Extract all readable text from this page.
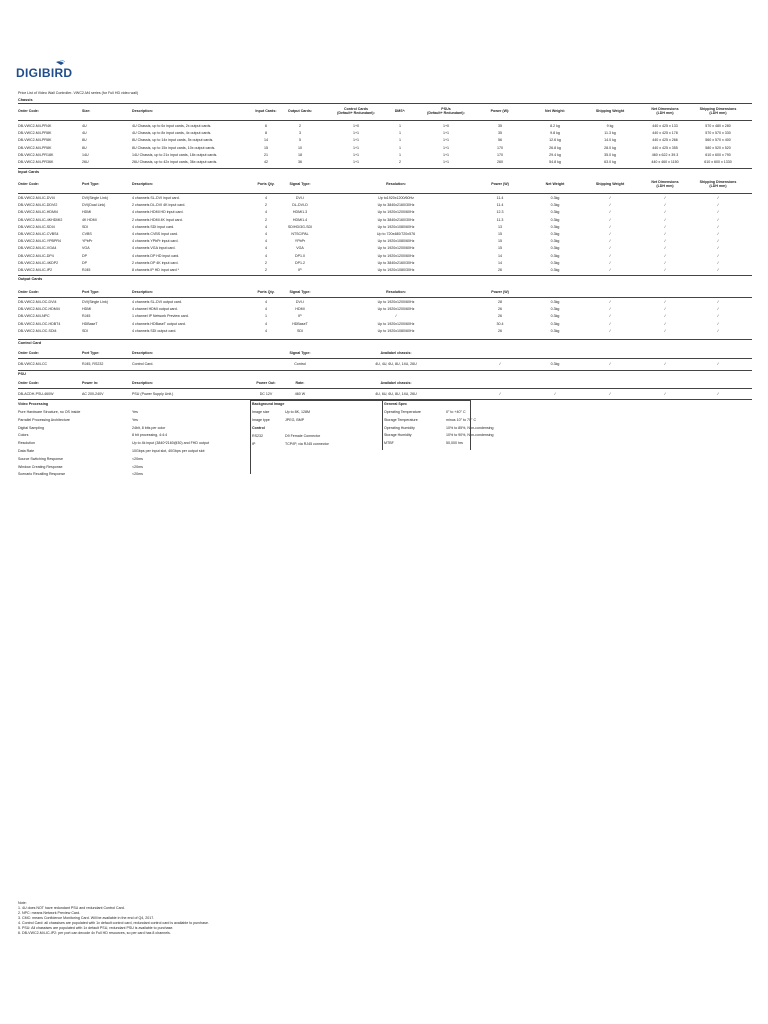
DIGIBIRD
Price List of Video Wall Controller- VWC2-M4 series (for Full HD video wall)
Chassis
Order Code:	Size:	Description:	Input Cards:	Output Cards:	Control Cards
(Default+ Redundant):
DMS*:	PSUs
(Default+ Redundant):
Power (W):	Net Weight:	Shipping Weight	Net Dimensions
(LDH mm)
Shipping Dimensions
(LDH mm)
DB-VWC2-M4-PR4K	4U	4U Chassis, up to 6x input cards, 2x output cards.	6	2	1+0	1	1+0	35	8.2 kg	9 kg	440 x 425 x 133	570 x 480 x 280
DB-VWC2-M4-PR8K	4U	4U Chassis, up to 8x input cards, 4x output cards.	8	3	1+1	1	1+1	35	9.8 kg	11.3 kg	440 x 425 x 178	570 x 570 x 330
DB-VWC2-M4-PR8K	8U	8U Chassis, up to 14x input cards, 5x output cards.	14	5	1+1	1	1+1	56	12.6 kg	14.0 kg	440 x 425 x 266	560 x 570 x 400
DB-VWC2-M4-PR8K	8U	8U Chassis, up to 15x input cards, 10x output cards.	15	10	1+1	1	1+1	170	26.8 kg	28.0 kg	440 x 425 x 355	580 x 520 x 520
DB-VWC2-M4-PR18K	14U	14U Chassis, up to 21x input cards, 18x output cards.	21	18	1+1	1	1+1	170	29.4 kg	35.0 kg	460 x 622 x 39.3	610 x 600 x 790
DB-VWC2-M4-PR36K	26U	26U Chassis, up to 42x input cards, 36x output cards.	42	36	1+1	2	1+1	260	54.8 kg	63.0 kg	440 x 460 x 1150	610 x 600 x 1330
Input Cards
Order Code:	Port Type:	Description:	Ports Qty.	Signal Type:	Resolution:	Power (W)	Net Weight	Shipping Weight	Net Dimensions
(LDH mm)
Shipping Dimensions
(LDH mm)
DB-VWC2-M4-IC-DVI4	DVI(Single Link)	4 channels SL-DVI input card.	4	DVI-I	Up to1920x1200/60Hz	11.4	0.3kg	/	/	/
DB-VWC2-M4-IC-DDVI2	DVI(Dual Link)	2 channels DL-DVI 4K input card.	2	DL-DVI-D	Up to 3840x2160/30Hz	11.4	0.3kg	/	/	/
DB-VWC2-M4-IC-HDMI4	HDMI	4 channels HDMI HD input card.	4	HDMI1.3	Up to 1920x1200/60Hz	12.3	0.3kg	/	/	/
DB-VWC2-M4-IC-4KHDMI2	4K HDMI	2 channels HDMI 4K input card.	2	HDMI1.4	Up to 3840x2160/30Hz	11.3	0.3kg	/	/	/
DB-VWC2-M4-IC-SDI4	SDI	4 channels SDI input card.	4	SD/HD/3G-SDI	Up to 1920x1080/60Hz	13	0.3kg	/	/	/
DB-VWC2-M4-IC-CVBS4	CVBS	4 channels CVBS input card.	4	NTSC/PAL	Up to 720x480/720x576	15	0.3kg	/	/	/
DB-VWC2-M4-IC-YPBPR4	YPbPr	4 channels YPbPr input card.	4	YPbPr	Up to 1920x1080/60Hz	15	0.3kg	/	/	/
DB-VWC2-M4-IC-VGA4	VGA	4 channels VGA input card.	4	VGA	Up to 1920x1200/60Hz	15	0.3kg	/	/	/
DB-VWC2-M4-IC-DP4	DP	4 channels DP HD input card.	4	DP1.0	Up to 1920x1200/60Hz	14	0.3kg	/	/	/
DB-VWC2-M4-IC-4KDP2	DP	2 channels DP 4K input card.	2	DP1.2	Up to 3840x2160/30Hz	14	0.3kg	/	/	/
DB-VWC2-M4-IC-IP2	RJ45	8 channels IP HD input card *	2	IP	Up to 1920x1080/30Hz	26	0.3kg	/	/	/
Output Cards
Order Code:	Port Type:	Description:	Ports Qty.	Signal Type:	Resolution:	Power (W)
DB-VWC2-M4-OC-DVI4	DVI(Single Link)	4 channels SL-DVI output card.	4	DVI-I	Up to 1920x1200/60Hz	28	0.3kg	/	/	/
DB-VWC2-M4-OC-HDMI4	HDMI	4 channel HDMI output card.	4	HDMI	Up to 1920x1200/60Hz	26	0.3kg	/	/	/
DB-VWC2-M4-NPC	RJ45	1 channel IP Network Preview card.	1	IP	/	26	0.3kg	/	/	/
DB-VWC2-M4-OC-HDBT4	HDBaseT	4 channels HDBaseT output card.	4	HDBaseT	Up to 1920x1200/60Hz	30.4	0.3kg	/	/	/
DB-VWC2-M4-OC-SDI4	SDI	4 channels SDI output card.	4	SDI	Up to 1920x1080/60Hz	26	0.3kg	/	/	/
Control Card
Order Code:	Port Type:	Description:	Signal Type:	Availabel chassis:
DB-VWC2-M4-CC	RJ45, RS232	Control Card.	Control	4U, 4U, 6U, 8U, 14U, 26U	/	0.3kg	/	/	/
PSU
Order Code:	Power In:	Description:	Power Out:	Rate:	Availabel chassis:
DB-ACDH-PSU-460W	AC 200-240V	PSU (Power Supply Unit.)	DC 12V	460 W	4U, 6U, 6U, 8U, 14U, 26U	/	/	/	/	/
Video Processing
Pure Hardware Structure, no OS inside	Yes
Parrallel Processing Architecture	Yes
Digital Sampling	24bit, 8 bits per color
Colors	8 bit processing, 4:4:4
Resolution	Up to 4k input (3840*2160@30) and FHD output
Data Rate	10Gbps per input slot, 40Gbps per output slot
Source Switching Response	<20ms
Window Creating Response	<20ms
Scenario Recalling Response	<20ms
Background Image
Image size	Up to 8K, 128M
Image type	JPEG, BMP
Control
RS232	D9 Female Connector
IP	TCP/IP, via RJ45 connector
General Spec
Operating Temperature	0° to +40° C
Storage Temperature	minus 10° to 70° C
Operating Humidity	10% to 85%, Non-condensing
Storage Humidity	10% to 90%, Non-condensing
MTBF	50,000 hrs
Note:
1. 4U does NOT have redundant PSU and redundant Control Card.
2. NPC: means Network Preview Card.
3. CMC: means Confidence Monitoring Card. Will be available in the end of Q4, 2017.
4. Control Card: all chassises are populated with 1x default control card, redundant control card is available to purchase.
5. PSU: All chassises are populated with 1x default PSU, redundant PSU is available to purchase.
6. DB-VWC2-M4-IC-IP2: per port can decode 4x Full HD resources, so per card has 8 channels.
